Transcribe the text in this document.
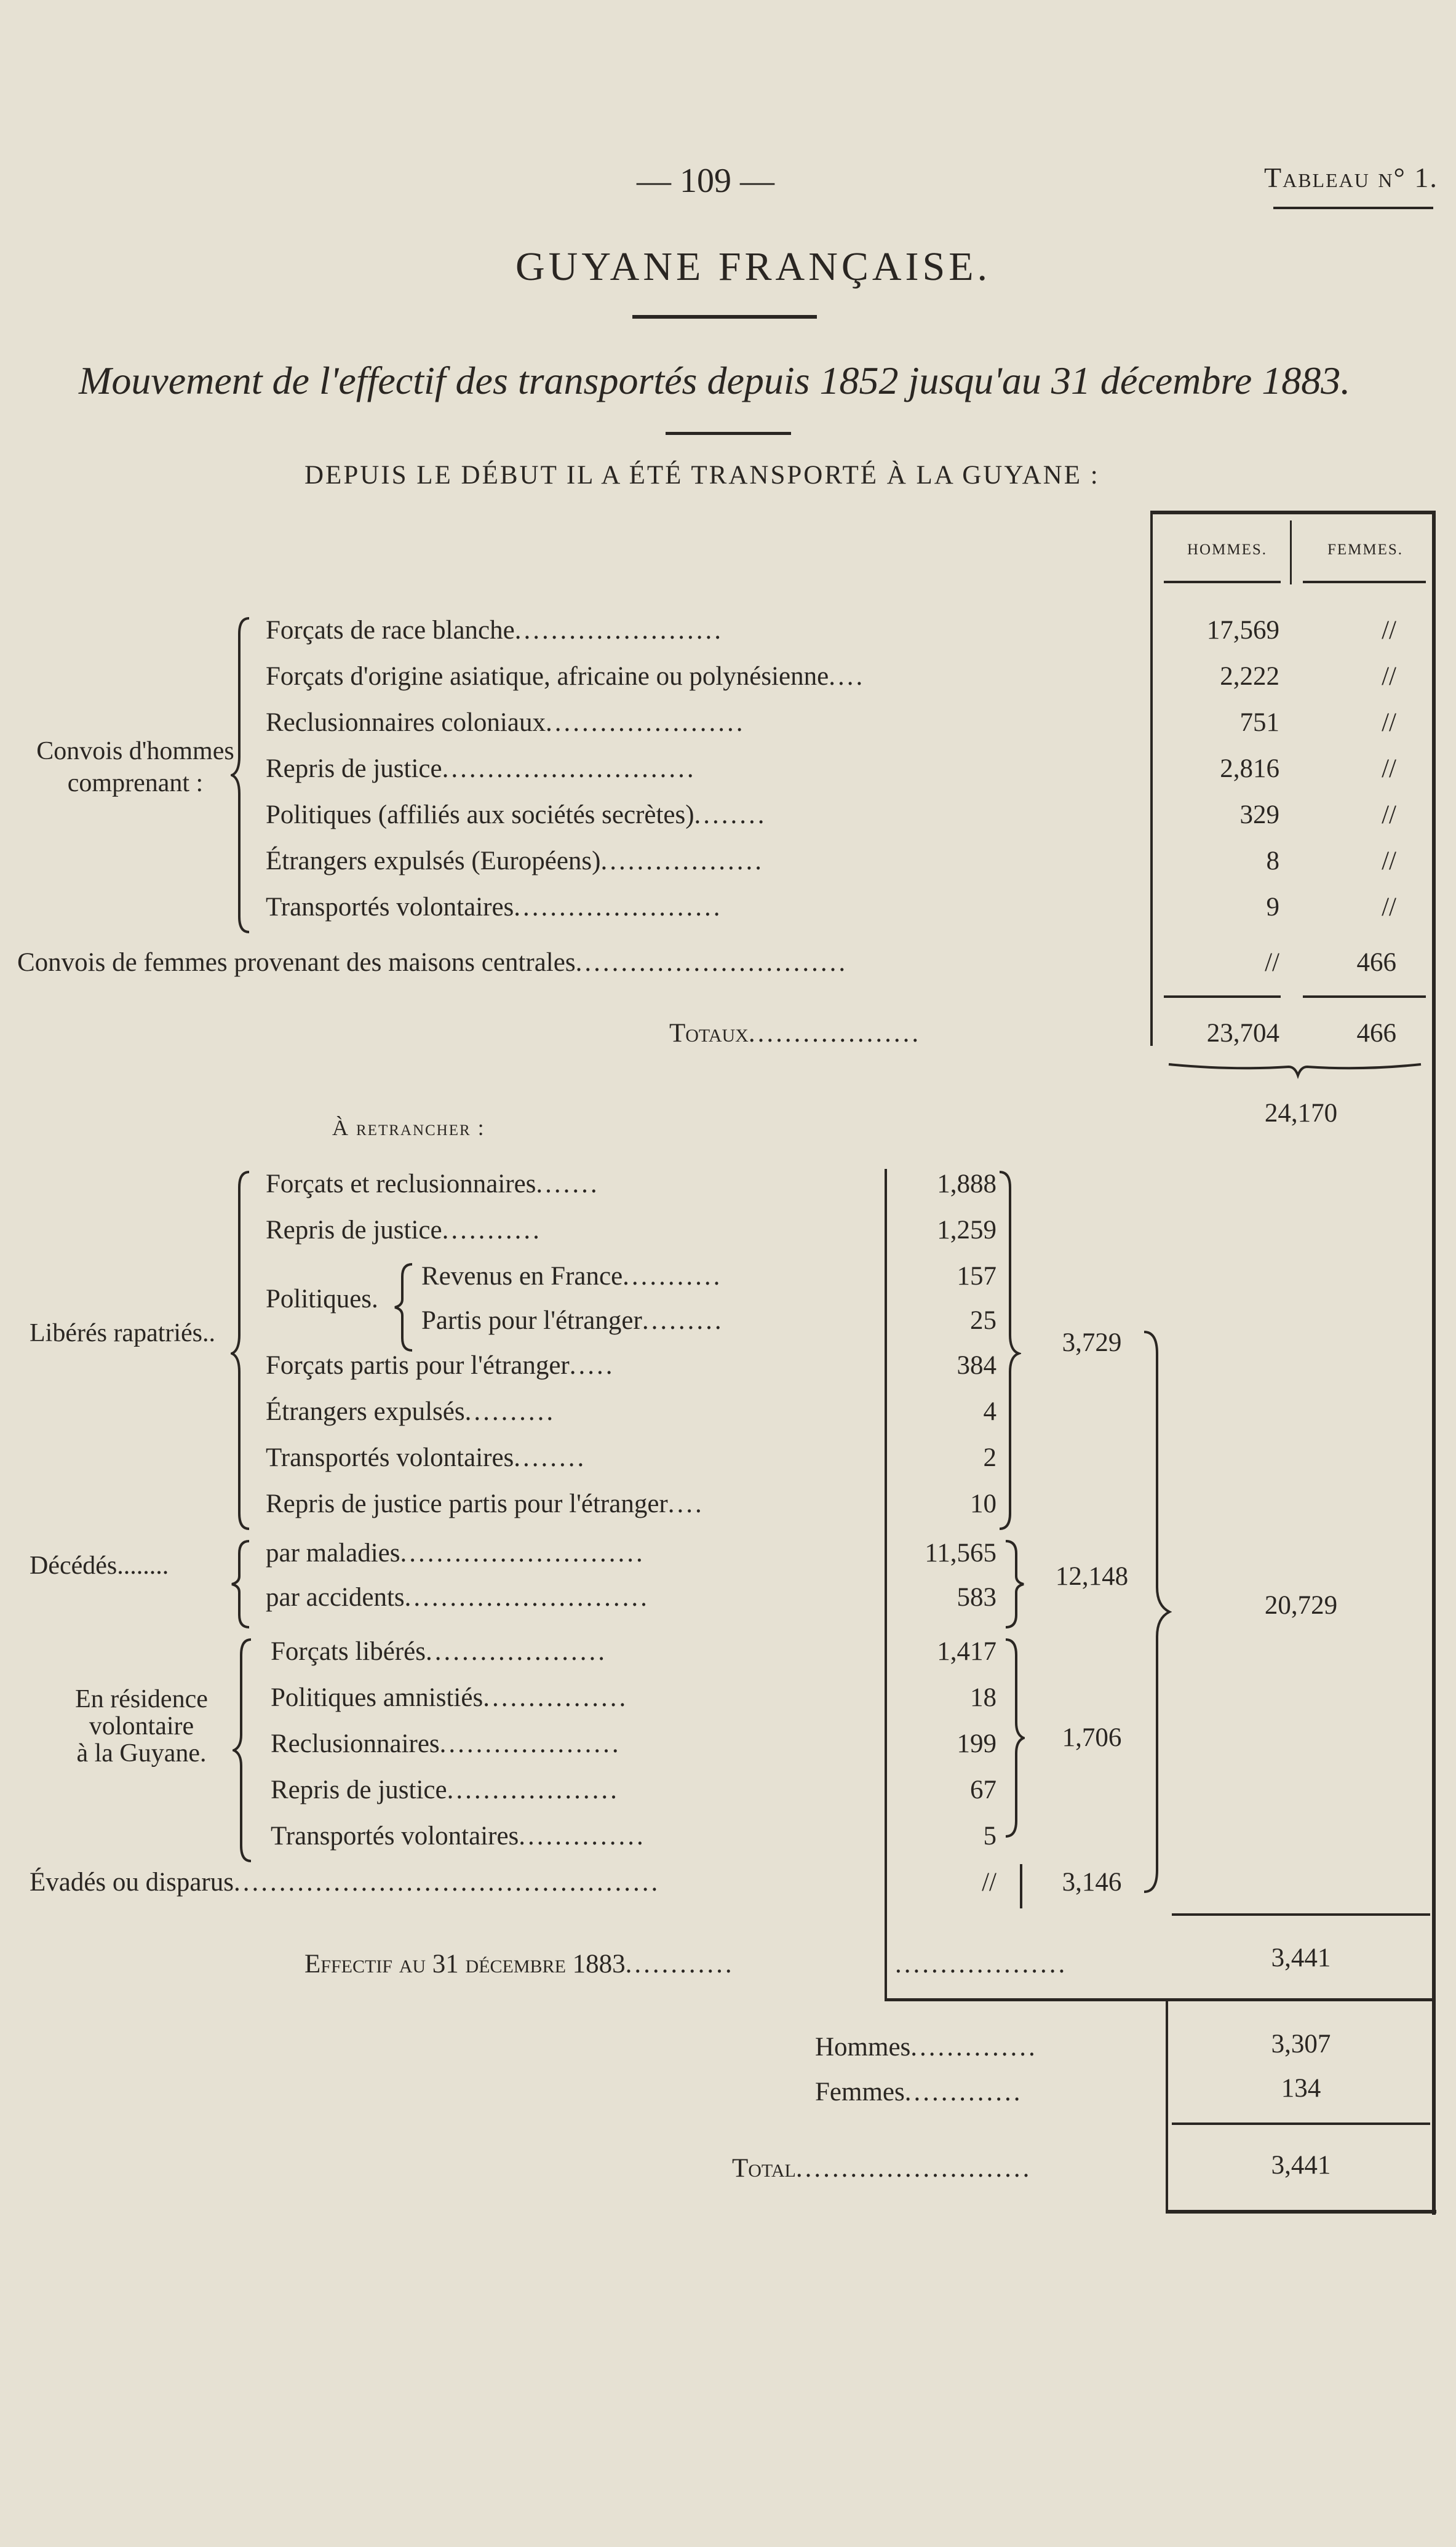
— 109 —	Tableau n° 1.
GUYANE FRANÇAISE.
Mouvement de l'effectif des transportés depuis 1852 jusqu'au 31 décembre 1883.
DEPUIS LE DÉBUT IL A ÉTÉ TRANSPORTÉ À LA GUYANE :
HOMMES.	FEMMES.
Convois d'hommes comprenant :
Forçats de race blanche.......................	17,569	//
Forçats d'origine asiatique, africaine ou polynésienne....	2,222	//
Reclusionnaires coloniaux......................	751	//
Repris de justice............................	2,816	//
Politiques (affiliés aux sociétés secrètes)........	329	//
Étrangers expulsés (Européens)..................	8	//
Transportés volontaires.......................	9	//
Convois de femmes provenant des maisons centrales..............................	//	466
Totaux...................	23,704	466
24,170
À retrancher :
Libérés rapatriés..
Politiques.
Forçats et reclusionnaires.......	1,888
Repris de justice...........	1,259
Revenus en France...........	157
Partis pour l'étranger.........	25
Forçats partis pour l'étranger.....	384
Étrangers expulsés..........	4
Transportés volontaires........	2
Repris de justice partis pour l'étranger....	10
3,729
Décédés........	par maladies...........................	11,565
par accidents...........................	583
12,148
En résidence
volontaire
à la Guyane.
Forçats libérés....................	1,417
Politiques amnistiés................	18
Reclusionnaires....................	199
Repris de justice...................	67
Transportés volontaires..............	5
1,706
Évadés ou disparus...............................................	//	3,146
20,729
Effectif au 31 décembre 1883............	...................	3,441
Hommes..............	3,307
Femmes.............	134
Total..........................	3,441
